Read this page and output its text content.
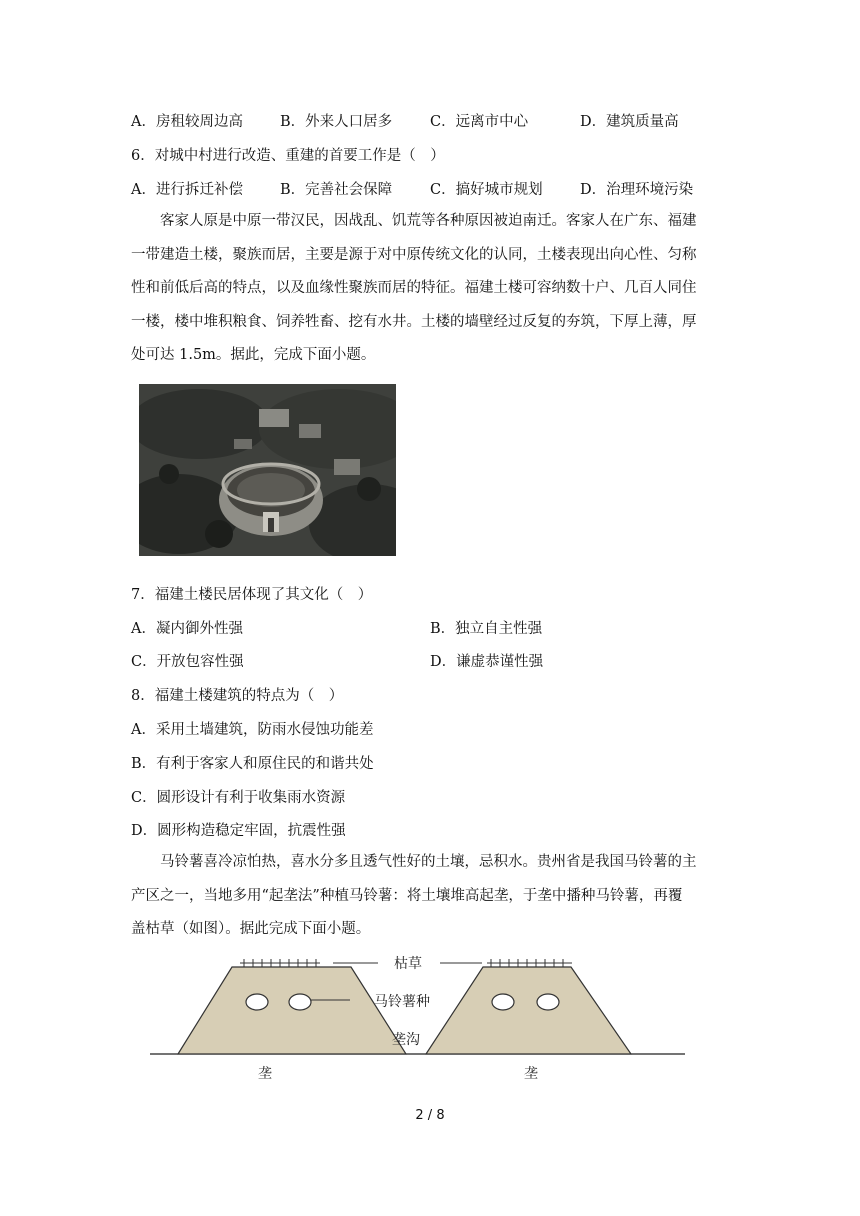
A．房租较周边高	B．外来人口居多	C．远离市中心	D．建筑质量高
6．对城中村进行改造、重建的首要工作是（　）
A．进行拆迁补偿	B．完善社会保障	C．搞好城市规划	D．治理环境污染
　　客家人原是中原一带汉民，因战乱、饥荒等各种原因被迫南迁。客家人在广东、福建
一带建造土楼，聚族而居，主要是源于对中原传统文化的认同，土楼表现出向心性、匀称
性和前低后高的特点，以及血缘性聚族而居的特征。福建土楼可容纳数十户、几百人同住
一楼，楼中堆积粮食、饲养牲畜、挖有水井。土楼的墙壁经过反复的夯筑，下厚上薄，厚
处可达 1.5m。据此，完成下面小题。
7．福建土楼民居体现了其文化（　）
A．凝内御外性强	B．独立自主性强
C．开放包容性强	D．谦虚恭谨性强
8．福建土楼建筑的特点为（　）
A．采用土墙建筑，防雨水侵蚀功能差
B．有利于客家人和原住民的和谐共处
C．圆形设计有利于收集雨水资源
D．圆形构造稳定牢固，抗震性强
　　马铃薯喜冷凉怕热，喜水分多且透气性好的土壤，忌积水。贵州省是我国马铃薯的主
产区之一，当地多用“起垄法”种植马铃薯：将土壤堆高起垄，于垄中播种马铃薯，再覆
盖枯草（如图）。据此完成下面小题。
枯草
马铃薯种
垄沟
垄	垄
2 / 8
